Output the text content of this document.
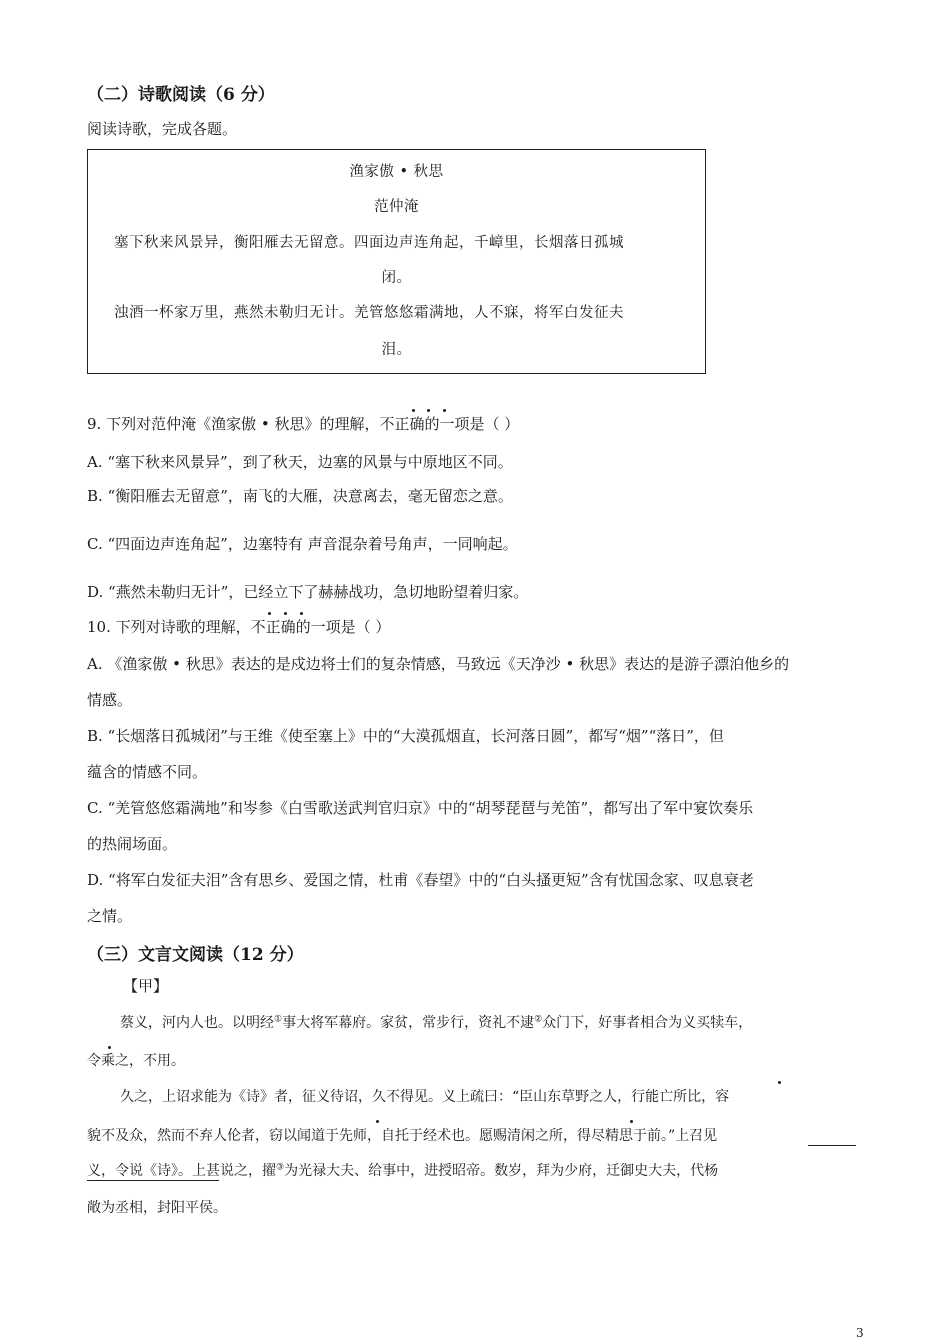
（二）诗歌阅读（6 分）
阅读诗歌，完成各题。
渔家傲 • 秋思
范仲淹
塞下秋来风景异，衡阳雁去无留意。四面边声连角起，千嶂里，长烟落日孤城
闭。
浊酒一杯家万里，燕然未勒归无计。羌管悠悠霜满地，人不寐，将军白发征夫
泪。
9. 下列对范仲淹《渔家傲 • 秋思》的理解，不正确的一项是（ ）
A. “塞下秋来风景异”，到了秋天，边塞的风景与中原地区不同。
B. “衡阳雁去无留意”，南飞的大雁，决意离去，毫无留恋之意。
C. “四面边声连角起”，边塞特有 声音混杂着号角声，一同响起。
D. “燕然未勒归无计”，已经立下了赫赫战功，急切地盼望着归家。
10. 下列对诗歌的理解，不正确的一项是（ ）
A. 《渔家傲 • 秋思》表达的是戍边将士们的复杂情感，马致远《天净沙 • 秋思》表达的是游子漂泊他乡的
情感。
B. “长烟落日孤城闭”与王维《使至塞上》中的“大漠孤烟直，长河落日圆”，都写“烟”“落日”，但
蕴含的情感不同。
C. “羌管悠悠霜满地”和岑参《白雪歌送武判官归京》中的“胡琴琵琶与羌笛”，都写出了军中宴饮奏乐
的热闹场面。
D. “将军白发征夫泪”含有思乡、爱国之情，杜甫《春望》中的“白头搔更短”含有忧国念家、叹息衰老
之情。
（三）文言文阅读（12 分）
【甲】
蔡义，河内人也。以明经①事大将军幕府。家贫，常步行，资礼不逮②众门下，好事者相合为义买犊车，
令乘之，不用。
久之，上诏求能为《诗》者，征义待诏，久不得见。义上疏曰：“臣山东草野之人，行能亡所比，容
貌不及众，然而不弃人伦者，窃以闻道于先师，自托于经术也。愿赐清闲之所，得尽精思于前。”上召见
义，令说《诗》。上甚说之，擢③为光禄大夫、给事中，进授昭帝。数岁，拜为少府，迁御史大夫，代杨
敞为丞相，封阳平侯。
3
